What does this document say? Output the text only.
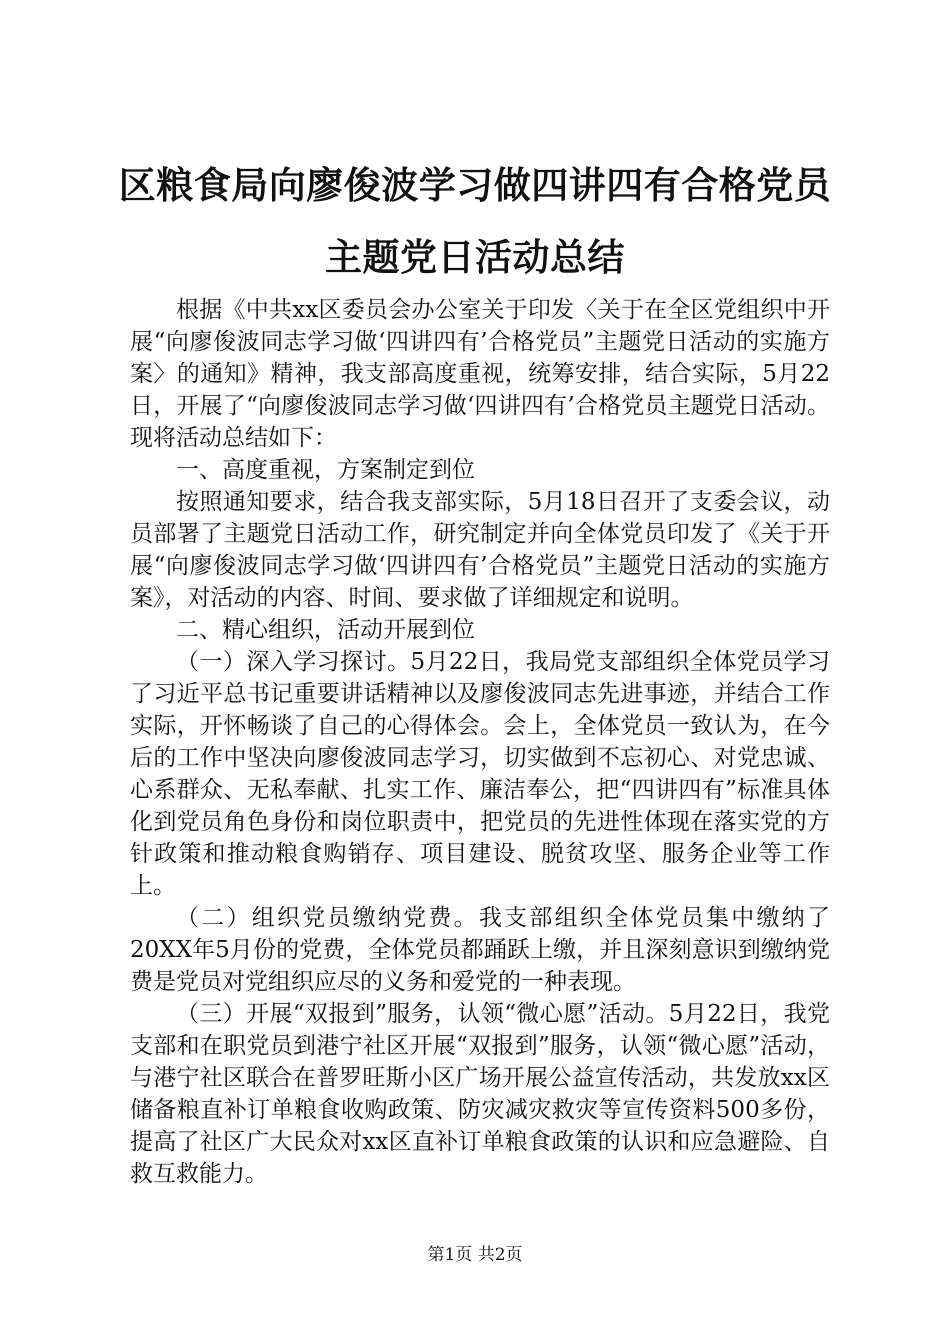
区粮食局向廖俊波学习做四讲四有合格党员主题党日活动总结

根据《中共xx区委员会办公室关于印发〈关于在全区党组织中开展“向廖俊波同志学习做‘四讲四有’合格党员”主题党日活动的实施方案〉的通知》精神，我支部高度重视，统筹安排，结合实际，5月22日，开展了“向廖俊波同志学习做‘四讲四有’合格党员主题党日活动。现将活动总结如下：

一、高度重视，方案制定到位

按照通知要求，结合我支部实际，5月18日召开了支委会议，动员部署了主题党日活动工作，研究制定并向全体党员印发了《关于开展“向廖俊波同志学习做‘四讲四有’合格党员”主题党日活动的实施方案》，对活动的内容、时间、要求做了详细规定和说明。

二、精心组织，活动开展到位

（一）深入学习探讨。5月22日，我局党支部组织全体党员学习了习近平总书记重要讲话精神以及廖俊波同志先进事迹，并结合工作实际，开怀畅谈了自己的心得体会。会上，全体党员一致认为，在今后的工作中坚决向廖俊波同志学习，切实做到不忘初心、对党忠诚、心系群众、无私奉献、扎实工作、廉洁奉公，把“四讲四有”标准具体化到党员角色身份和岗位职责中，把党员的先进性体现在落实党的方针政策和推动粮食购销存、项目建设、脱贫攻坚、服务企业等工作上。

（二）组织党员缴纳党费。我支部组织全体党员集中缴纳了20XX年5月份的党费，全体党员都踊跃上缴，并且深刻意识到缴纳党费是党员对党组织应尽的义务和爱党的一种表现。

（三）开展“双报到”服务，认领“微心愿”活动。5月22日，我党支部和在职党员到港宁社区开展“双报到”服务，认领“微心愿”活动，与港宁社区联合在普罗旺斯小区广场开展公益宣传活动，共发放xx区储备粮直补订单粮食收购政策、防灾减灾救灾等宣传资料500多份，提高了社区广大民众对xx区直补订单粮食政策的认识和应急避险、自救互救能力。

第1页 共2页
